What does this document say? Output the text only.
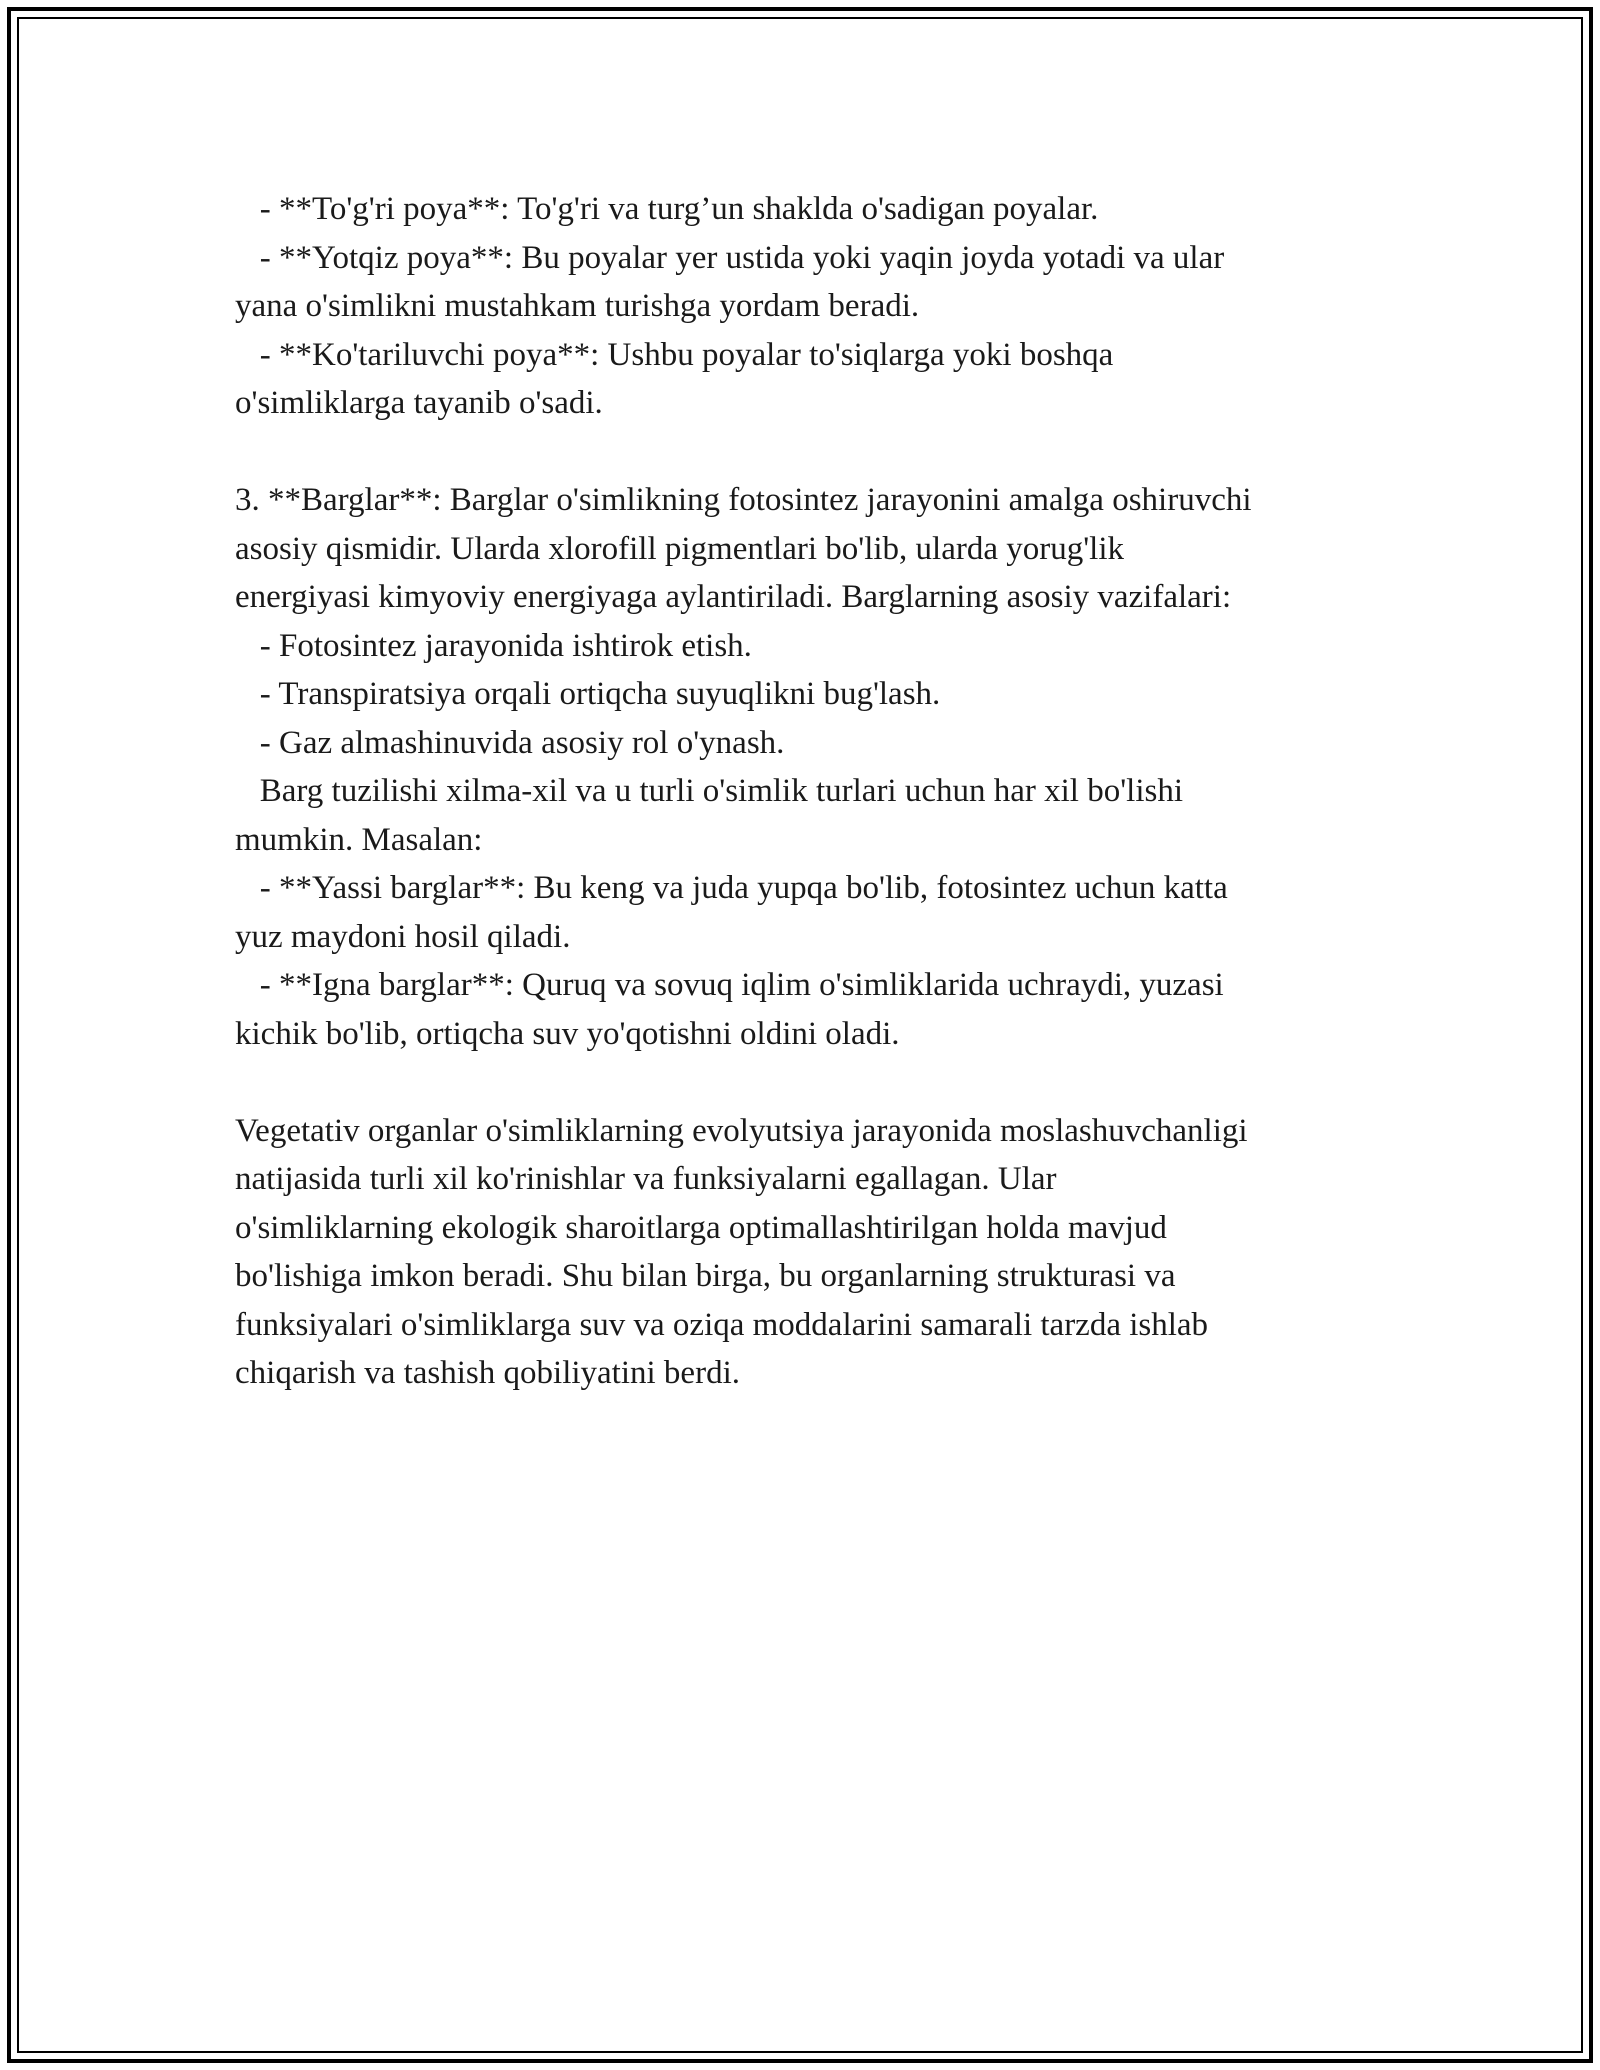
- **To'g'ri poya**: To'g'ri va turg’un shaklda o'sadigan poyalar.
- **Yotqiz poya**: Bu poyalar yer ustida yoki yaqin joyda yotadi va ular
yana o'simlikni mustahkam turishga yordam beradi.
- **Ko'tariluvchi poya**: Ushbu poyalar to'siqlarga yoki boshqa
o'simliklarga tayanib o'sadi.
3. **Barglar**: Barglar o'simlikning fotosintez jarayonini amalga oshiruvchi
asosiy qismidir. Ularda xlorofill pigmentlari bo'lib, ularda yorug'lik
energiyasi kimyoviy energiyaga aylantiriladi. Barglarning asosiy vazifalari:
- Fotosintez jarayonida ishtirok etish.
- Transpiratsiya orqali ortiqcha suyuqlikni bug'lash.
- Gaz almashinuvida asosiy rol o'ynash.
Barg tuzilishi xilma-xil va u turli o'simlik turlari uchun har xil bo'lishi
mumkin. Masalan:
- **Yassi barglar**: Bu keng va juda yupqa bo'lib, fotosintez uchun katta
yuz maydoni hosil qiladi.
- **Igna barglar**: Quruq va sovuq iqlim o'simliklarida uchraydi, yuzasi
kichik bo'lib, ortiqcha suv yo'qotishni oldini oladi.
Vegetativ organlar o'simliklarning evolyutsiya jarayonida moslashuvchanligi
natijasida turli xil ko'rinishlar va funksiyalarni egallagan. Ular
o'simliklarning ekologik sharoitlarga optimallashtirilgan holda mavjud
bo'lishiga imkon beradi. Shu bilan birga, bu organlarning strukturasi va
funksiyalari o'simliklarga suv va oziqa moddalarini samarali tarzda ishlab
chiqarish va tashish qobiliyatini berdi.
